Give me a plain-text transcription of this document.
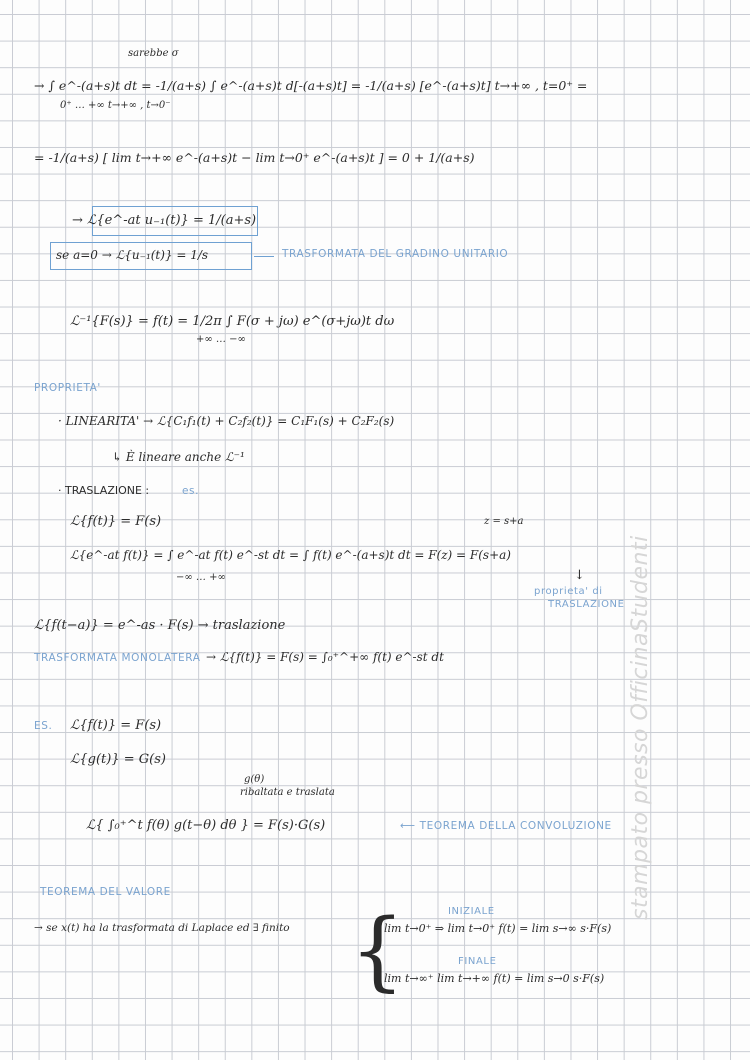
stampato presso OfficinaStudenti
sarebbe σ
→ ∫ e^-(a+s)t dt = -1/(a+s) ∫ e^-(a+s)t d[-(a+s)t] = -1/(a+s) [e^-(a+s)t] t→+∞ , t=0⁺ =
0⁺ … +∞ t→+∞ , t→0⁻
= -1/(a+s) [ lim t→+∞ e^-(a+s)t − lim t→0⁺ e^-(a+s)t ] = 0 + 1/(a+s)
→ ℒ{e^-at u₋₁(t)} = 1/(a+s)
se a=0 → ℒ{u₋₁(t)} = 1/s	TRASFORMATA DEL GRADINO UNITARIO
ℒ⁻¹{F(s)} = f(t) = 1/2π ∫ F(σ + jω) e^(σ+jω)t dω
+∞ … −∞
PROPRIETA'
· LINEARITA' → ℒ{C₁f₁(t) + C₂f₂(t)} = C₁F₁(s) + C₂F₂(s)
↳ È lineare anche ℒ⁻¹
· TRASLAZIONE :	es.
ℒ{f(t)} = F(s)	z = s+a
ℒ{e^-at f(t)} = ∫ e^-at f(t) e^-st dt = ∫ f(t) e^-(a+s)t dt = F(z) = F(s+a)
−∞ … +∞	↓
proprieta' di
TRASLAZIONE
ℒ{f(t−a)} = e^-as · F(s) → traslazione
TRASFORMATA MONOLATERA → ℒ{f(t)} = F(s) = ∫₀⁺^+∞ f(t) e^-st dt
ES. ℒ{f(t)} = F(s)
ℒ{g(t)} = G(s)
g(θ)
ribaltata e traslata
ℒ{ ∫₀⁺^t f(θ) g(t−θ) dθ } = F(s)·G(s)	⟵ TEOREMA DELLA CONVOLUZIONE
TEOREMA DEL VALORE
→ se x(t) ha la trasformata di Laplace ed ∃ finito {	INIZIALE
lim t→0⁺ ⇒ lim t→0⁺ f(t) = lim s→∞ s·F(s)
FINALE
lim t→∞⁺ lim t→+∞ f(t) = lim s→0 s·F(s)
